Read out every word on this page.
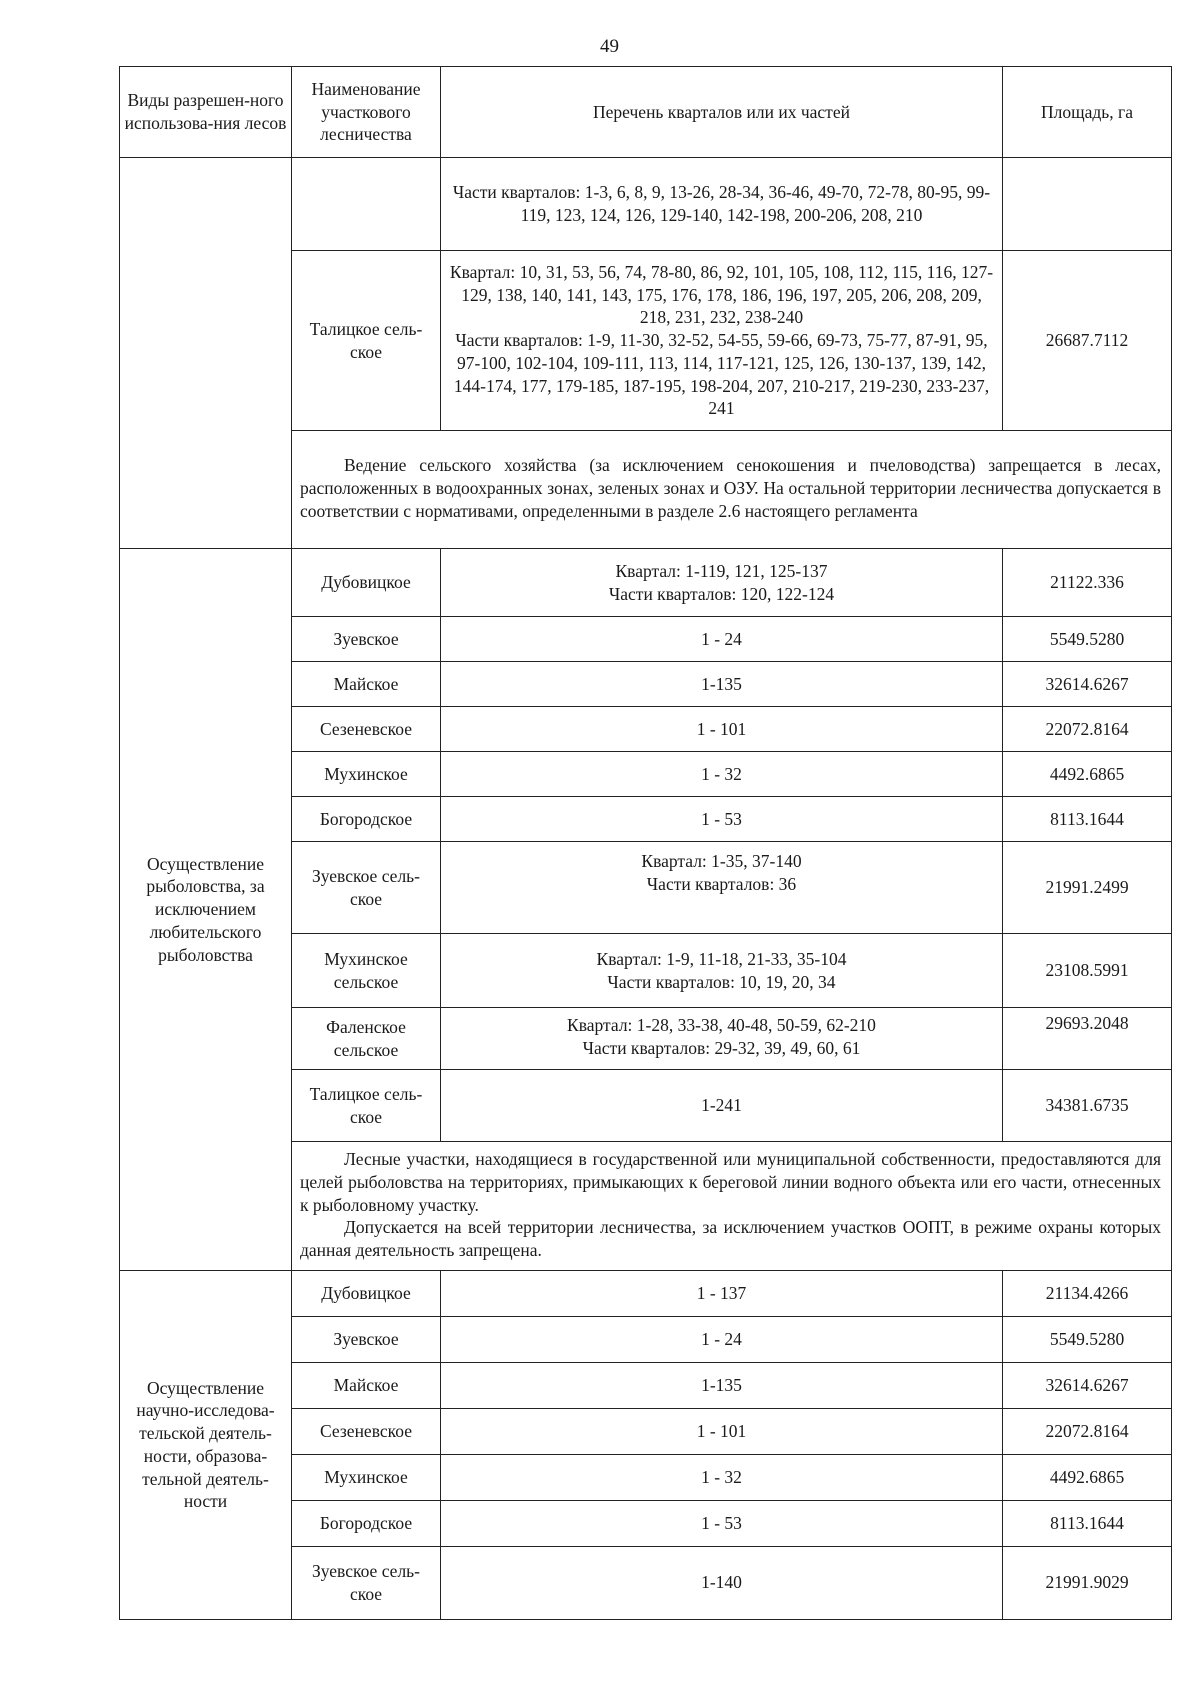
49
Виды разрешен-ного использова-ния лесов	Наименование участкового лесничества	Перечень кварталов или их частей	Площадь, га
		Части кварталов: 1-3, 6, 8, 9, 13-26, 28-34, 36-46, 49-70, 72-78, 80-95, 99-119, 123, 124, 126, 129-140, 142-198, 200-206, 208, 210	
	Талицкое сель-ское	Квартал: 10, 31, 53, 56, 74, 78-80, 86, 92, 101, 105, 108, 112, 115, 116, 127-129, 138, 140, 141, 143, 175, 176, 178, 186, 196, 197, 205, 206, 208, 209, 218, 231, 232, 238-240
Части кварталов: 1-9, 11-30, 32-52, 54-55, 59-66, 69-73, 75-77, 87-91, 95, 97-100, 102-104, 109-111, 113, 114, 117-121, 125, 126, 130-137, 139, 142, 144-174, 177, 179-185, 187-195, 198-204, 207, 210-217, 219-230, 233-237, 241	26687.7112

	Ведение сельского хозяйства (за исключением сенокошения и пчеловодства) запрещается в лесах, расположенных в водоохранных зонах, зеленых зонах и ОЗУ. На остальной территории лесничества допускается в соответствии с нормативами, определенными в разделе 2.6 настоящего регламента		

Осуществление рыболовства, за исключением любительского рыболовства	Дубовицкое	Квартал: 1-119, 121, 125-137
Части кварталов: 120, 122-124	21122.336
	Зуевское	1 - 24	5549.5280
	Майское	1-135	32614.6267
	Сезеневское	1 - 101	22072.8164
	Мухинское	1 - 32	4492.6865
	Богородское	1 - 53	8113.1644
	Зуевское сель-ское	Квартал: 1-35, 37-140
Части кварталов: 36	21991.2499
	Мухинское сельское	Квартал: 1-9, 11-18, 21-33, 35-104
Части кварталов: 10, 19, 20, 34	23108.5991
	Фаленское сельское	Квартал: 1-28, 33-38, 40-48, 50-59, 62-210
Части кварталов: 29-32, 39, 49, 60, 61	29693.2048
	Талицкое сель-ское	1-241	34381.6735

	Лесные участки, находящиеся в государственной или муниципальной собственности, предоставляются для целей рыболовства на территориях, примыкающих к береговой линии водного объекта или его части, отнесенных к рыболовному участку.

Допускается на всей территории лесничества, за исключением участков ООПТ, в режиме охраны которых данная деятельность запрещена.		

Осуществление научно-исследова-тельской деятель-ности, образова-тельной деятель-ности	Дубовицкое	1 - 137	21134.4266
	Зуевское	1 - 24	5549.5280
	Майское	1-135	32614.6267
	Сезеневское	1 - 101	22072.8164
	Мухинское	1 - 32	4492.6865
	Богородское	1 - 53	8113.1644
	Зуевское сель-ское	1-140	21991.9029
